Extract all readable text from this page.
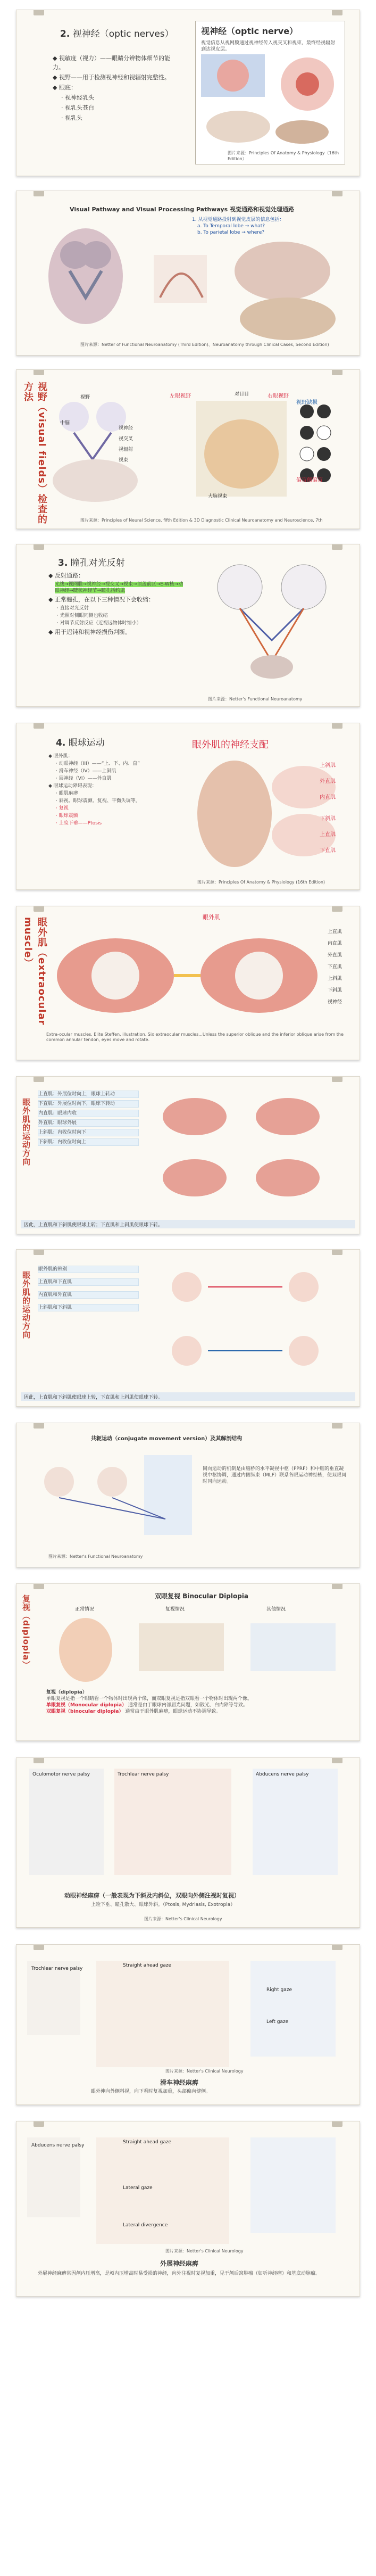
2. 视神经（optic nerves）

◆ 视敏度（视力）——眼睛分辨物体细节的能力。

◆ 视野——用于检测视神经和视辐射完整性。

◆ 眼底：

· 视神经乳头

· 视乳头苍白

· 视乳头

视神经（optic nerve）
视觉信息从视网膜通过视神经传入视交叉和视束，最终经视辐射到达视皮层。
图片来源：Principles Of Anatomy & Physiology（16th Edition）
Visual Pathway and Visual Processing Pathways 视觉通路和视觉处理通路
1. 从视觉通路投射到视觉皮层的信息包括：
a. To Temporal lobe → what?
b. To parietal lobe → where?
图片来源：Netter of Functional Neuroanatomy (Third Edition)、Neuroanatomy through Clinical Cases, Second Edition)
视野（visual fields）检查的方法	视野
中脑
视神经
视交叉
视辐射
视束
左眼视野	对目目	右眼视野
大脑视束
偏盲侧偏盲
视野缺损
图片来源：Principles of Neural Science, fifth Edition & 3D Diagnostic Clinical Neuroanatomy and Neuroscience, 7th
3. 瞳孔对光反射

◆ 反射通路：

光线→视网膜→视神经→视交叉→视束→顶盖前区→E-W核→动眼神经→睫状神经节→瞳孔括约肌

◆ 正常瞳孔，在以下三种情况下会收缩：

· 直接对光反射

· 光照对侧眼同侧也收缩

· 对调节反射反应（近视远物体时缩小）

◆ 用于迟钝和视神经损伤判断。

图片来源：Netter's Functional Neuroanatomy
4. 眼球运动

◆ 眼外肌：

· 动眼神经（III）——“上、下、内、直”

· 滑车神经（IV）——上斜肌

· 展神经（VI）——外直肌

◆ 眼球运动障碍表现：

· 眼肌麻痹

· 斜视、眼球震颤、复视、平衡失调等。

· 复视

· 眼球震颤

· 上睑下垂——Ptosis

眼外肌的神经支配
上斜肌
外直肌
内直肌
下斜肌
上直肌
下直肌
图片来源：Principles Of Anatomy & Physiology (16th Edition)
眼外肌（extraocular muscle）	眼外肌
上直肌
内直肌
外直肌
下直肌
上斜肌
下斜肌
视神经
Extra-ocular muscles. Elite Steffen, illustration. Six extraocular muscles...Unless the superior oblique and the inferior oblique arise from the common annular tendon, eyes move and rotate.
眼外肌的运动方向
上直肌：外展位时向上，眼球上转动
下直肌：外展位时向下，眼球下转动
内直肌：眼球内收
外直肌：眼球外展
上斜肌：内收位时向下
下斜肌：内收位时向上
因此，上直肌和下斜肌使眼球上转；下直肌和上斜肌使眼球下转。
眼外肌的运动方向
眼外肌的辨别
上直肌和下直肌
内直肌和外直肌
上斜肌和下斜肌
因此，上直肌和下斜肌使眼球上转，下直肌和上斜肌使眼球下转。
共轭运动（conjugate movement version）及其解剖结构
同向运动的机制是由脑桥的水平凝视中枢（PPRF）和中脑的垂直凝视中枢协调，通过内侧纵束（MLF）联系各眼运动神经核，使双眼同时同向运动。
图片来源：Netter's Functional Neuroanatomy
复视（diplopia）	双眼复视 Binocular Diplopia
正常情况	复视情况	其他情况
复视（diplopia）
单眼复视是指一个眼睛看一个物体时出现两个像，而双眼复视是指双眼看一个物体时出现两个像。
单眼复视（Monocular diplopia） 通常是由于眼球内部屈光问题，如散光、白内障等导致。
双眼复视（binocular diplopia） 通常由于眼外肌麻痹，眼球运动不协调导致。
Oculomotor nerve palsy	Trochlear nerve palsy	Abducens nerve palsy
动眼神经麻痹（一般表现为下斜及内斜位，双眼向外侧注视时复视）
上睑下垂、瞳孔散大、眼球外斜。（Ptosis, Mydriasis, Exotropia）
图片来源：Netter's Clinical Neurology
Trochlear nerve palsy
Straight ahead gaze
Right gaze
Left gaze
滑车神经麻痹
眼外伸向外侧斜视，向下看时复视加重，头部偏向健侧。
图片来源：Netter's Clinical Neurology
Abducens nerve palsy
Straight ahead gaze
Lateral gaze
Lateral divergence
外展神经麻痹
外展神经麻痹常因颅内压增高，是颅内压增高时易受损的神经，向外注视时复视加重，见于颅后窝肿瘤（如听神经瘤）和基底动脉瘤。
图片来源：Netter's Clinical Neurology
